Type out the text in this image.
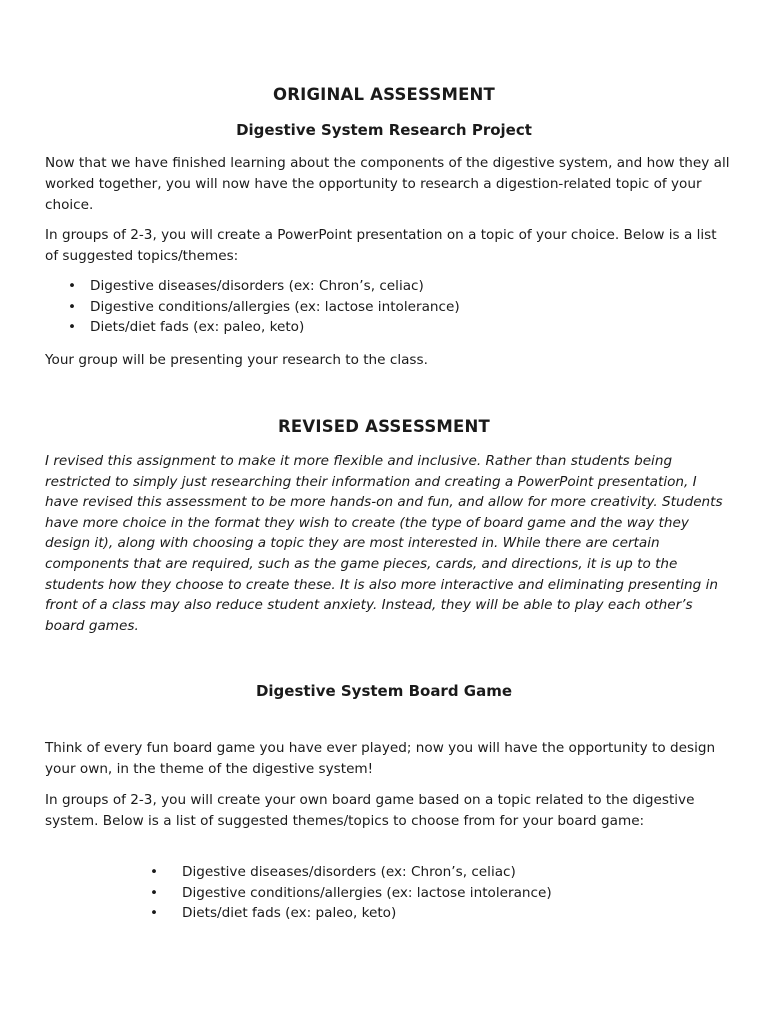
ORIGINAL ASSESSMENT
Digestive System Research Project

Now that we have finished learning about the components of the digestive system, and how they all worked together, you will now have the opportunity to research a digestion-related topic of your choice.

In groups of 2-3, you will create a PowerPoint presentation on a topic of your choice. Below is a list of suggested topics/themes:

• Digestive diseases/disorders (ex: Chron’s, celiac)
• Digestive conditions/allergies (ex: lactose intolerance)
• Diets/diet fads (ex: paleo, keto)

Your group will be presenting your research to the class.

REVISED ASSESSMENT

I revised this assignment to make it more flexible and inclusive. Rather than students being restricted to simply just researching their information and creating a PowerPoint presentation, I have revised this assessment to be more hands-on and fun, and allow for more creativity. Students have more choice in the format they wish to create (the type of board game and the way they design it), along with choosing a topic they are most interested in. While there are certain components that are required, such as the game pieces, cards, and directions, it is up to the students how they choose to create these. It is also more interactive and eliminating presenting in front of a class may also reduce student anxiety. Instead, they will be able to play each other’s board games.

Digestive System Board Game

Think of every fun board game you have ever played; now you will have the opportunity to design your own, in the theme of the digestive system!

In groups of 2-3, you will create your own board game based on a topic related to the digestive system. Below is a list of suggested themes/topics to choose from for your board game:

• Digestive diseases/disorders (ex: Chron’s, celiac)
• Digestive conditions/allergies (ex: lactose intolerance)
• Diets/diet fads (ex: paleo, keto)
